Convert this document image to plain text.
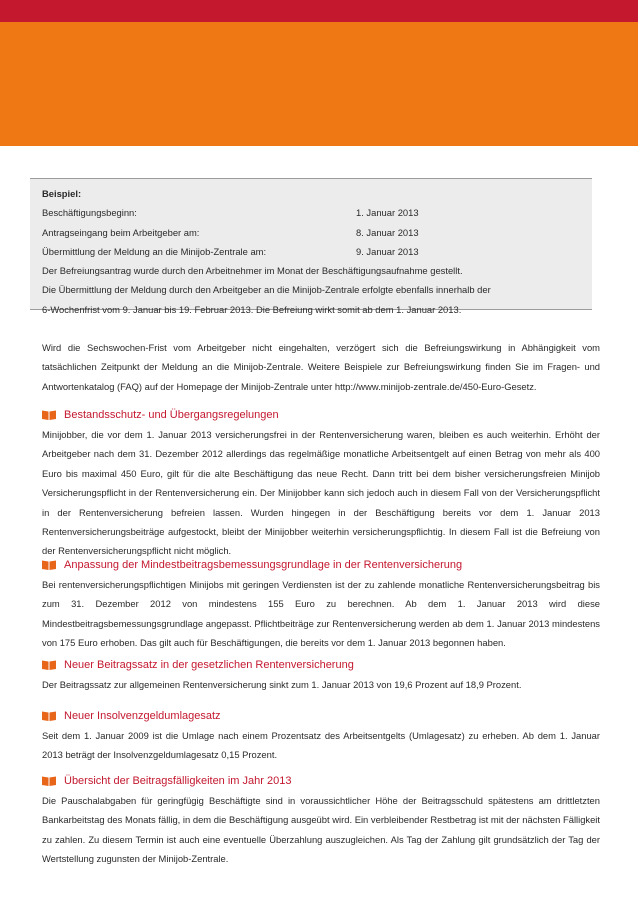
Beispiel:
Beschäftigungsbeginn:	1. Januar 2013
Antragseingang beim Arbeitgeber am:	8. Januar 2013
Übermittlung der Meldung an die Minijob-Zentrale am:	9. Januar 2013
Der Befreiungsantrag wurde durch den Arbeitnehmer im Monat der Beschäftigungsaufnahme gestellt.
Die Übermittlung der Meldung durch den Arbeitgeber an die Minijob-Zentrale erfolgte ebenfalls innerhalb der
6-Wochenfrist vom 9. Januar bis 19. Februar 2013. Die Befreiung wirkt somit ab dem 1. Januar 2013.
Wird die Sechswochen-Frist vom Arbeitgeber nicht eingehalten, verzögert sich die Befreiungswirkung in Abhängigkeit vom tatsächlichen Zeitpunkt der Meldung an die Minijob-Zentrale. Weitere Beispiele zur Befreiungswirkung finden Sie im Fragen- und Antwortenkatalog (FAQ) auf der Homepage der Minijob-Zentrale unter http://www.minijob-zentrale.de/450-Euro-Gesetz.
Bestandsschutz- und Übergangsregelungen
Minijobber, die vor dem 1. Januar 2013 versicherungsfrei in der Rentenversicherung waren, bleiben es auch weiterhin. Erhöht der Arbeitgeber nach dem 31. Dezember 2012 allerdings das regelmäßige monatliche Arbeitsentgelt auf einen Betrag von mehr als 400 Euro bis maximal 450 Euro, gilt für die alte Beschäftigung das neue Recht. Dann tritt bei dem bisher versicherungsfreien Minijob Versicherungspflicht in der Rentenversicherung ein. Der Minijobber kann sich jedoch auch in diesem Fall von der Versicherungspflicht in der Rentenversicherung befreien lassen. Wurden hingegen in der Beschäftigung bereits vor dem 1. Januar 2013 Rentenversicherungsbeiträge aufgestockt, bleibt der Minijobber weiterhin versicherungspflichtig. In diesem Fall ist die Befreiung von der Rentenversicherungspflicht nicht möglich.
Anpassung der Mindestbeitragsbemessungsgrundlage in der Rentenversicherung
Bei rentenversicherungspflichtigen Minijobs mit geringen Verdiensten ist der zu zahlende monatliche Rentenversicherungsbeitrag bis zum 31. Dezember 2012 von mindestens 155 Euro zu berechnen. Ab dem 1. Januar 2013 wird diese Mindestbeitragsbemessungsgrundlage angepasst. Pflichtbeiträge zur Rentenversicherung werden ab dem 1. Januar 2013 mindestens von 175 Euro erhoben. Das gilt auch für Beschäftigungen, die bereits vor dem 1. Januar 2013 begonnen haben.
Neuer Beitragssatz in der gesetzlichen Rentenversicherung
Der Beitragssatz zur allgemeinen Rentenversicherung sinkt zum 1. Januar 2013 von 19,6 Prozent auf 18,9 Prozent.
Neuer Insolvenzgeldumlagesatz
Seit dem 1. Januar 2009 ist die Umlage nach einem Prozentsatz des Arbeitsentgelts (Umlagesatz) zu erheben. Ab dem 1. Januar 2013 beträgt der Insolvenzgeldumlagesatz 0,15 Prozent.
Übersicht der Beitragsfälligkeiten im Jahr 2013
Die Pauschalabgaben für geringfügig Beschäftigte sind in voraussichtlicher Höhe der Beitragsschuld spätestens am drittletzten Bankarbeitstag des Monats fällig, in dem die Beschäftigung ausgeübt wird. Ein verbleibender Restbetrag ist mit der nächsten Fälligkeit zu zahlen. Zu diesem Termin ist auch eine eventuelle Überzahlung auszugleichen. Als Tag der Zahlung gilt grundsätzlich der Tag der Wertstellung zugunsten der Minijob-Zentrale.
